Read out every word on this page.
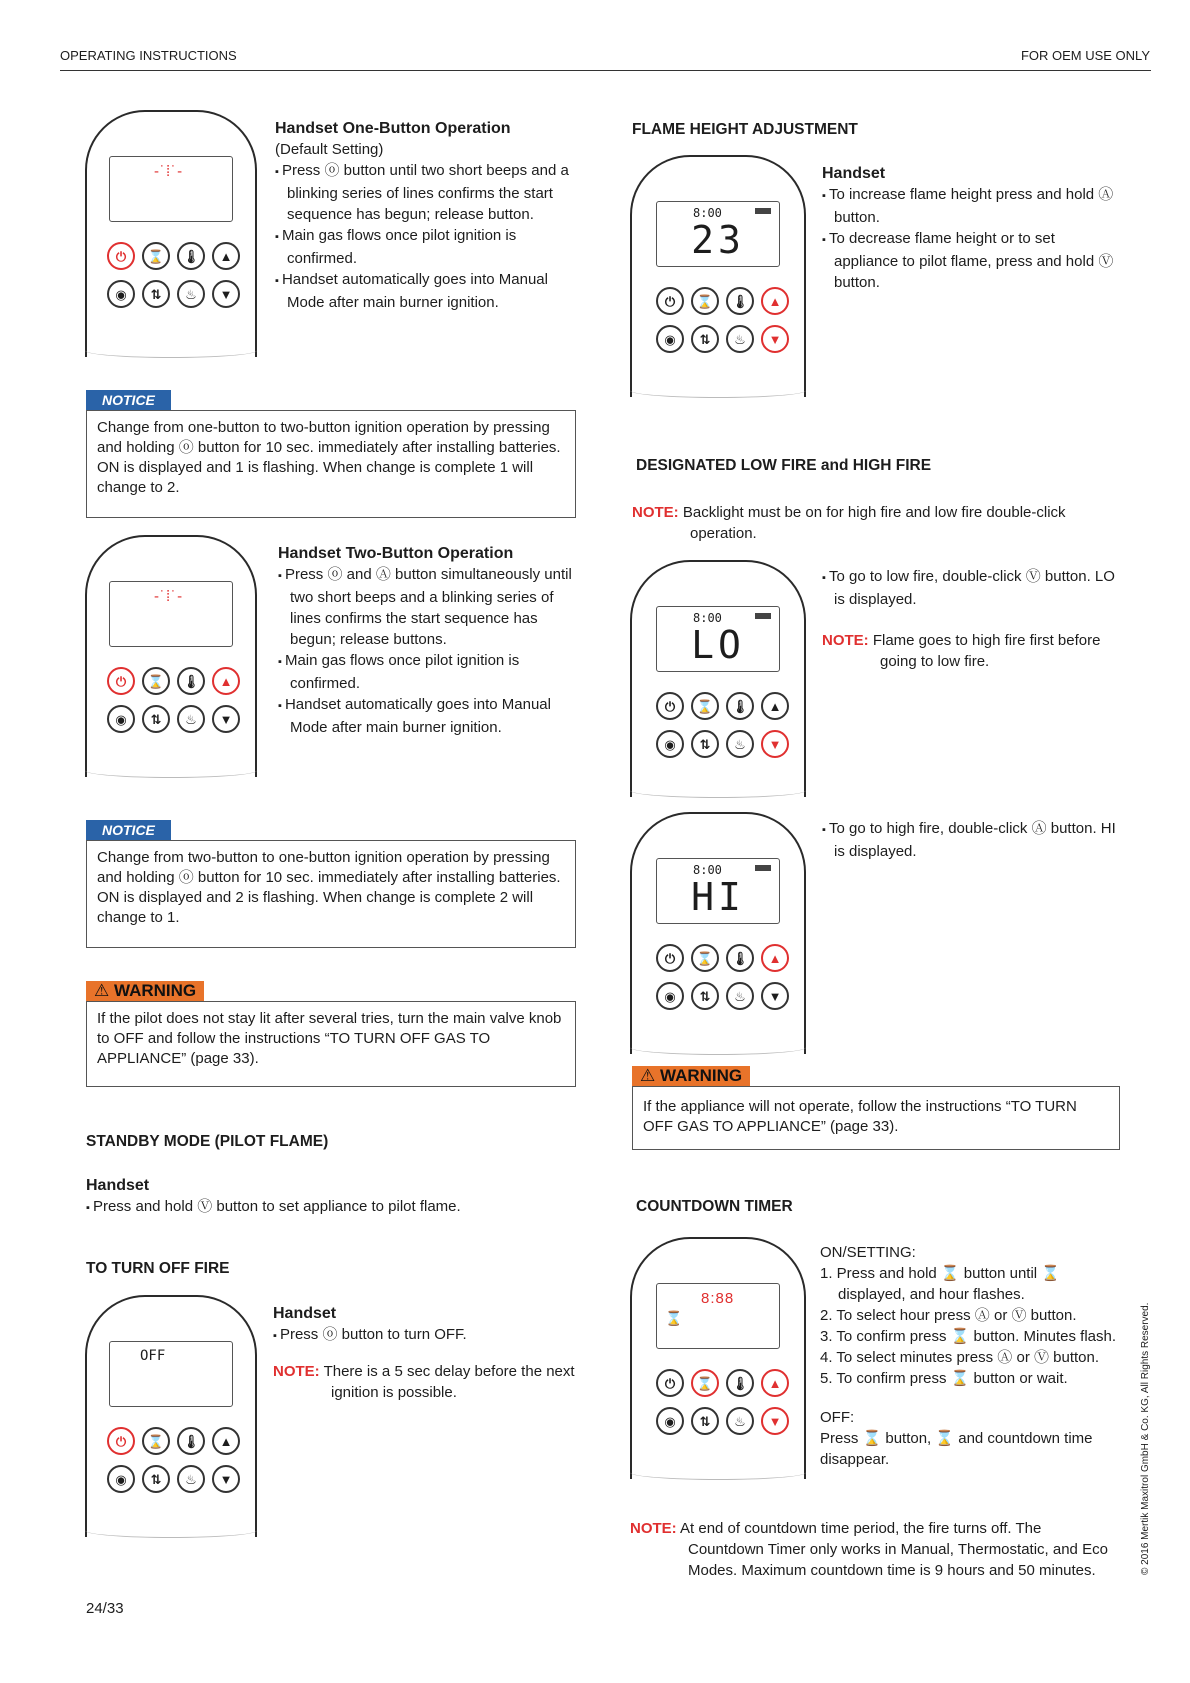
OPERATING INSTRUCTIONS	FOR OEM USE ONLY
-˙⁞˙-
⏻	⌛	🌡	▲
◉	⇅	♨	▼

Handset One-Button Operation

(Default Setting)

▪ Press ⓞ button until two short beeps and a blinking series of lines confirms the start sequence has begun; release button.

▪ Main gas flows once pilot ignition is confirmed.

▪ Handset automatically goes into Manual Mode after main burner ignition.

NOTICE
Change from one-button to two-button ignition operation by pressing and holding ⓞ button for 10 sec. immediately after installing batteries. ON is displayed and 1 is flashing. When change is complete 1 will change to 2.
-˙⁞˙-
⏻	⌛	🌡	▲
◉	⇅	♨	▼

Handset Two-Button Operation

▪ Press ⓞ and Ⓐ button simultaneously until two short beeps and a blinking series of lines confirms the start sequence has begun; release buttons.

▪ Main gas flows once pilot ignition is confirmed.

▪ Handset automatically goes into Manual Mode after main burner ignition.

NOTICE
Change from two-button to one-button ignition operation by pressing and holding ⓞ button for 10 sec. immediately after installing batteries. ON is displayed and 2 is flashing. When change is complete 2 will change to 1.
⚠ WARNING
If the pilot does not stay lit after several tries, turn the main valve knob to OFF and follow the instructions “TO TURN OFF GAS TO APPLIANCE” (page 33).
STANDBY MODE (PILOT FLAME)

Handset

▪ Press and hold Ⓥ button to set appliance to pilot flame.

TO TURN OFF FIRE
OFF
⏻	⌛	🌡	▲
◉	⇅	♨	▼

Handset

▪ Press ⓞ button to turn OFF.

NOTE: There is a 5 sec delay before the next ignition is possible.

24/33
FLAME HEIGHT ADJUSTMENT
8:00
23
⏻	⌛	🌡	▲
◉	⇅	♨	▼

Handset

▪ To increase flame height press and hold Ⓐ button.

▪ To decrease flame height or to set appliance to pilot flame, press and hold Ⓥ button.

DESIGNATED LOW FIRE and HIGH FIRE

NOTE: Backlight must be on for high fire and low fire double-click operation.

8:00
LO
⏻	⌛	🌡	▲
◉	⇅	♨	▼

▪ To go to low fire, double-click Ⓥ button. LO is displayed.

NOTE: Flame goes to high fire first before going to low fire.

8:00
HI
⏻	⌛	🌡	▲
◉	⇅	♨	▼

▪ To go to high fire, double-click Ⓐ button. HI is displayed.

⚠ WARNING
If the appliance will not operate, follow the instructions “TO TURN OFF GAS TO APPLIANCE” (page 33).
COUNTDOWN TIMER
8:88
⌛
⏻	⌛	🌡	▲
◉	⇅	♨	▼

ON/SETTING:

1. Press and hold ⌛ button until ⌛ displayed, and hour flashes.

2. To select hour press Ⓐ or Ⓥ button.

3. To confirm press ⌛ button. Minutes flash.

4. To select minutes press Ⓐ or Ⓥ button.

5. To confirm press ⌛ button or wait.

OFF:

Press ⌛ button, ⌛ and countdown time disappear.

NOTE: At end of countdown time period, the fire turns off. The Countdown Timer only works in Manual, Thermostatic, and Eco Modes. Maximum countdown time is 9 hours and 50 minutes.	© 2016 Mertik Maxitrol GmbH & Co. KG, All Rights Reserved.
